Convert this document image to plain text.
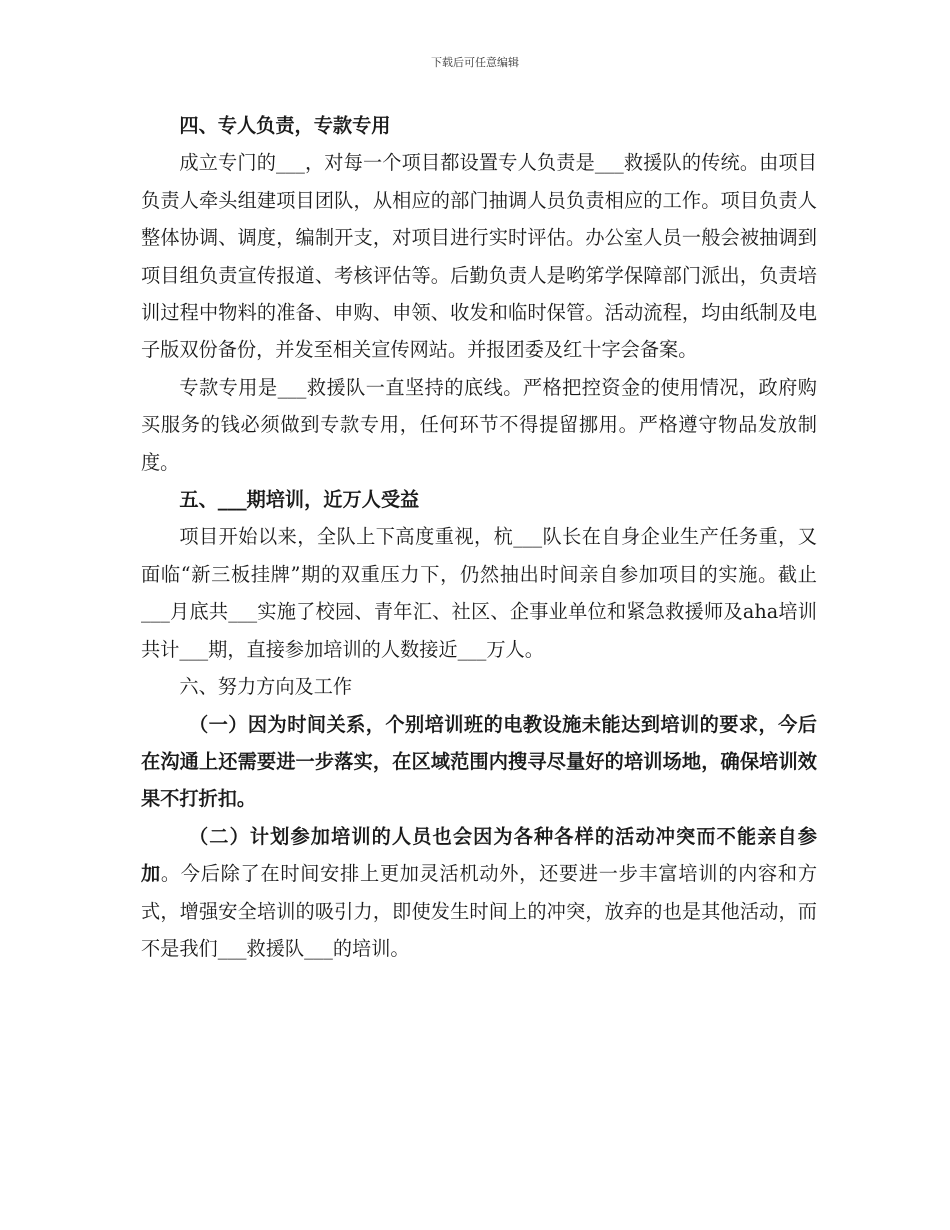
下载后可任意编辑

四、专人负责，专款专用

成立专门的___，对每一个项目都设置专人负责是___救援队的传统。由项目负责人牵头组建项目团队，从相应的部门抽调人员负责相应的工作。项目负责人整体协调、调度，编制开支，对项目进行实时评估。办公室人员一般会被抽调到项目组负责宣传报道、考核评估等。后勤负责人是哟笫学保障部门派出，负责培训过程中物料的准备、申购、申领、收发和临时保管。活动流程，均由纸制及电子版双份备份，并发至相关宣传网站。并报团委及红十字会备案。

专款专用是___救援队一直坚持的底线。严格把控资金的使用情况，政府购买服务的钱必须做到专款专用，任何环节不得提留挪用。严格遵守物品发放制度。

五、___期培训，近万人受益

项目开始以来，全队上下高度重视，杭___队长在自身企业生产任务重，又面临“新三板挂牌”期的双重压力下，仍然抽出时间亲自参加项目的实施。截止___月底共___实施了校园、青年汇、社区、企事业单位和紧急救援师及aha培训共计___期，直接参加培训的人数接近___万人。

六、努力方向及工作

（一）因为时间关系，个别培训班的电教设施未能达到培训的要求，今后在沟通上还需要进一步落实，在区域范围内搜寻尽量好的培训场地，确保培训效果不打折扣。

（二）计划参加培训的人员也会因为各种各样的活动冲突而不能亲自参加。今后除了在时间安排上更加灵活机动外，还要进一步丰富培训的内容和方式，增强安全培训的吸引力，即使发生时间上的冲突，放弃的也是其他活动，而不是我们___救援队___的培训。
